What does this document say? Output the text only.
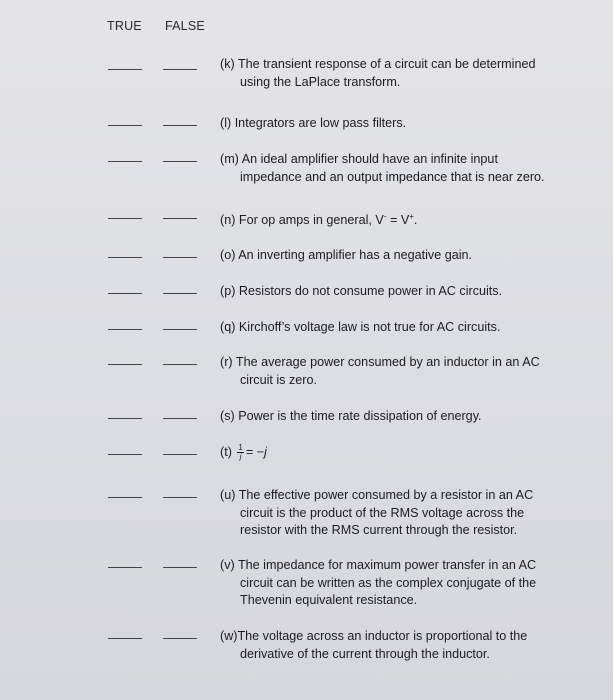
TRUE FALSE
(k) The transient response of a circuit can be determined
using the LaPlace transform.
(l) Integrators are low pass filters.
(m) An ideal amplifier should have an infinite input
impedance and an output impedance that is near zero.
(n) For op amps in general, V- = V+.
(o) An inverting amplifier has a negative gain.
(p) Resistors do not consume power in AC circuits.
(q) Kirchoff’s voltage law is not true for AC circuits.
(r) The average power consumed by an inductor in an AC
circuit is zero.
(s) Power is the time rate dissipation of energy.
$(t) \frac{1}{j} = -j$
(u) The effective power consumed by a resistor in an AC
circuit is the product of the RMS voltage across the
resistor with the RMS current through the resistor.
(v) The impedance for maximum power transfer in an AC
circuit can be written as the complex conjugate of the
Thevenin equivalent resistance.
(w)The voltage across an inductor is proportional to the
derivative of the current through the inductor.
